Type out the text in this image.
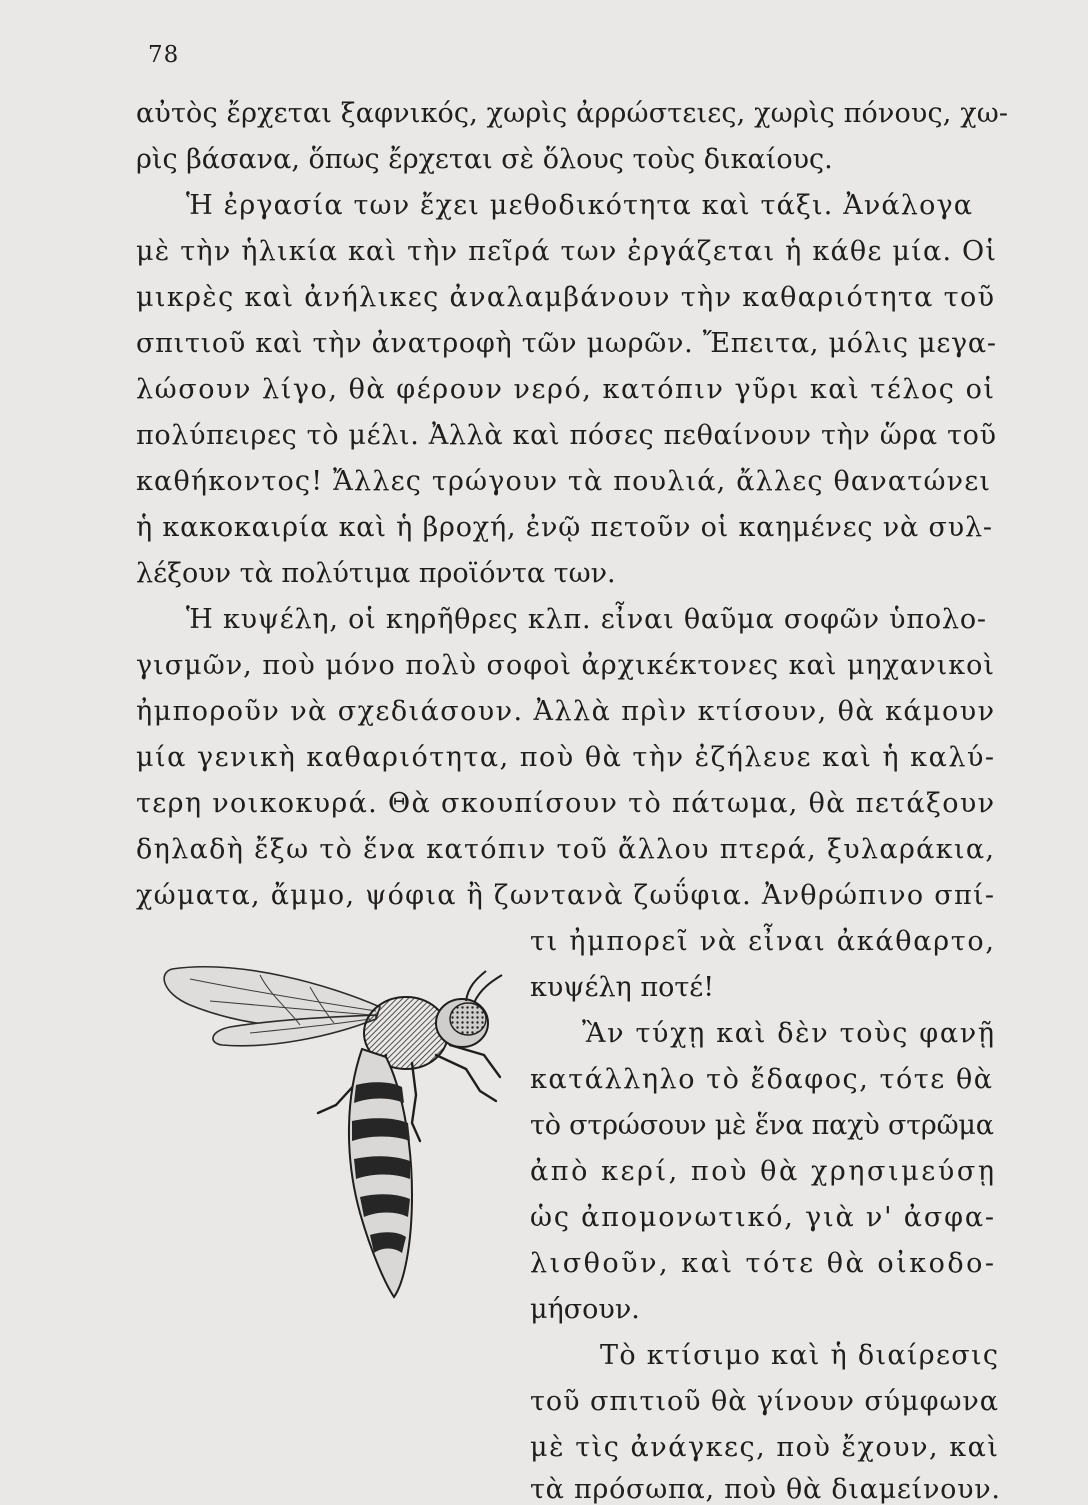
78
αὐτὸς ἔρχεται ξαφνικός, χωρὶς ἀρρώστειες, χωρὶς πόνους, χω-
ρὶς βάσανα, ὅπως ἔρχεται σὲ ὅλους τοὺς δικαίους.
Ἡ ἐργασία των ἔχει μεθοδικότητα καὶ τάξι. Ἀνάλογα
μὲ τὴν ἡλικία καὶ τὴν πεῖρά των ἐργάζεται ἡ κάθε μία. Οἱ
μικρὲς καὶ ἀνήλικες ἀναλαμβάνουν τὴν καθαριότητα τοῦ
σπιτιοῦ καὶ τὴν ἀνατροφὴ τῶν μωρῶν. Ἔπειτα, μόλις μεγα-
λώσουν λίγο, θὰ φέρουν νερό, κατόπιν γῦρι καὶ τέλος οἱ
πολύπειρες τὸ μέλι. Ἀλλὰ καὶ πόσες πεθαίνουν τὴν ὥρα τοῦ
καθήκοντος! Ἄλλες τρώγουν τὰ πουλιά, ἄλλες θανατώνει
ἡ κακοκαιρία καὶ ἡ βροχή, ἐνῷ πετοῦν οἱ καημένες νὰ συλ-
λέξουν τὰ πολύτιμα προϊόντα των.
Ἡ κυψέλη, οἱ κηρῆθρες κλπ. εἶναι θαῦμα σοφῶν ὑπολο-
γισμῶν, ποὺ μόνο πολὺ σοφοὶ ἀρχικέκτονες καὶ μηχανικοὶ
ἠμποροῦν νὰ σχεδιάσουν. Ἀλλὰ πρὶν κτίσουν, θὰ κάμουν
μία γενικὴ καθαριότητα, ποὺ θὰ τὴν ἐζήλευε καὶ ἡ καλύ-
τερη νοικοκυρά. Θὰ σκουπίσουν τὸ πάτωμα, θὰ πετάξουν
δηλαδὴ ἔξω τὸ ἕνα κατόπιν τοῦ ἄλλου πτερά, ξυλαράκια,
χώματα, ἄμμο, ψόφια ἢ ζωντανὰ ζωΰφια. Ἀνθρώπινο σπί-
τι ἠμπορεῖ νὰ εἶναι ἀκάθαρτο,
κυψέλη ποτέ!
Ἂν τύχῃ καὶ δὲν τοὺς φανῇ
κατάλληλο τὸ ἔδαφος, τότε θὰ
τὸ στρώσουν μὲ ἕνα παχὺ στρῶμα
ἀπὸ κερί, ποὺ θὰ χρησιμεύσῃ
ὡς ἀπομονωτικό, γιὰ ν' ἀσφα-
λισθοῦν, καὶ τότε θὰ οἰκοδο-
μήσουν.
Τὸ κτίσιμο καὶ ἡ διαίρεσις
τοῦ σπιτιοῦ θὰ γίνουν σύμφωνα
μὲ τὶς ἀνάγκες, ποὺ ἔχουν, καὶ
τὰ πρόσωπα, ποὺ θὰ διαμείνουν.
